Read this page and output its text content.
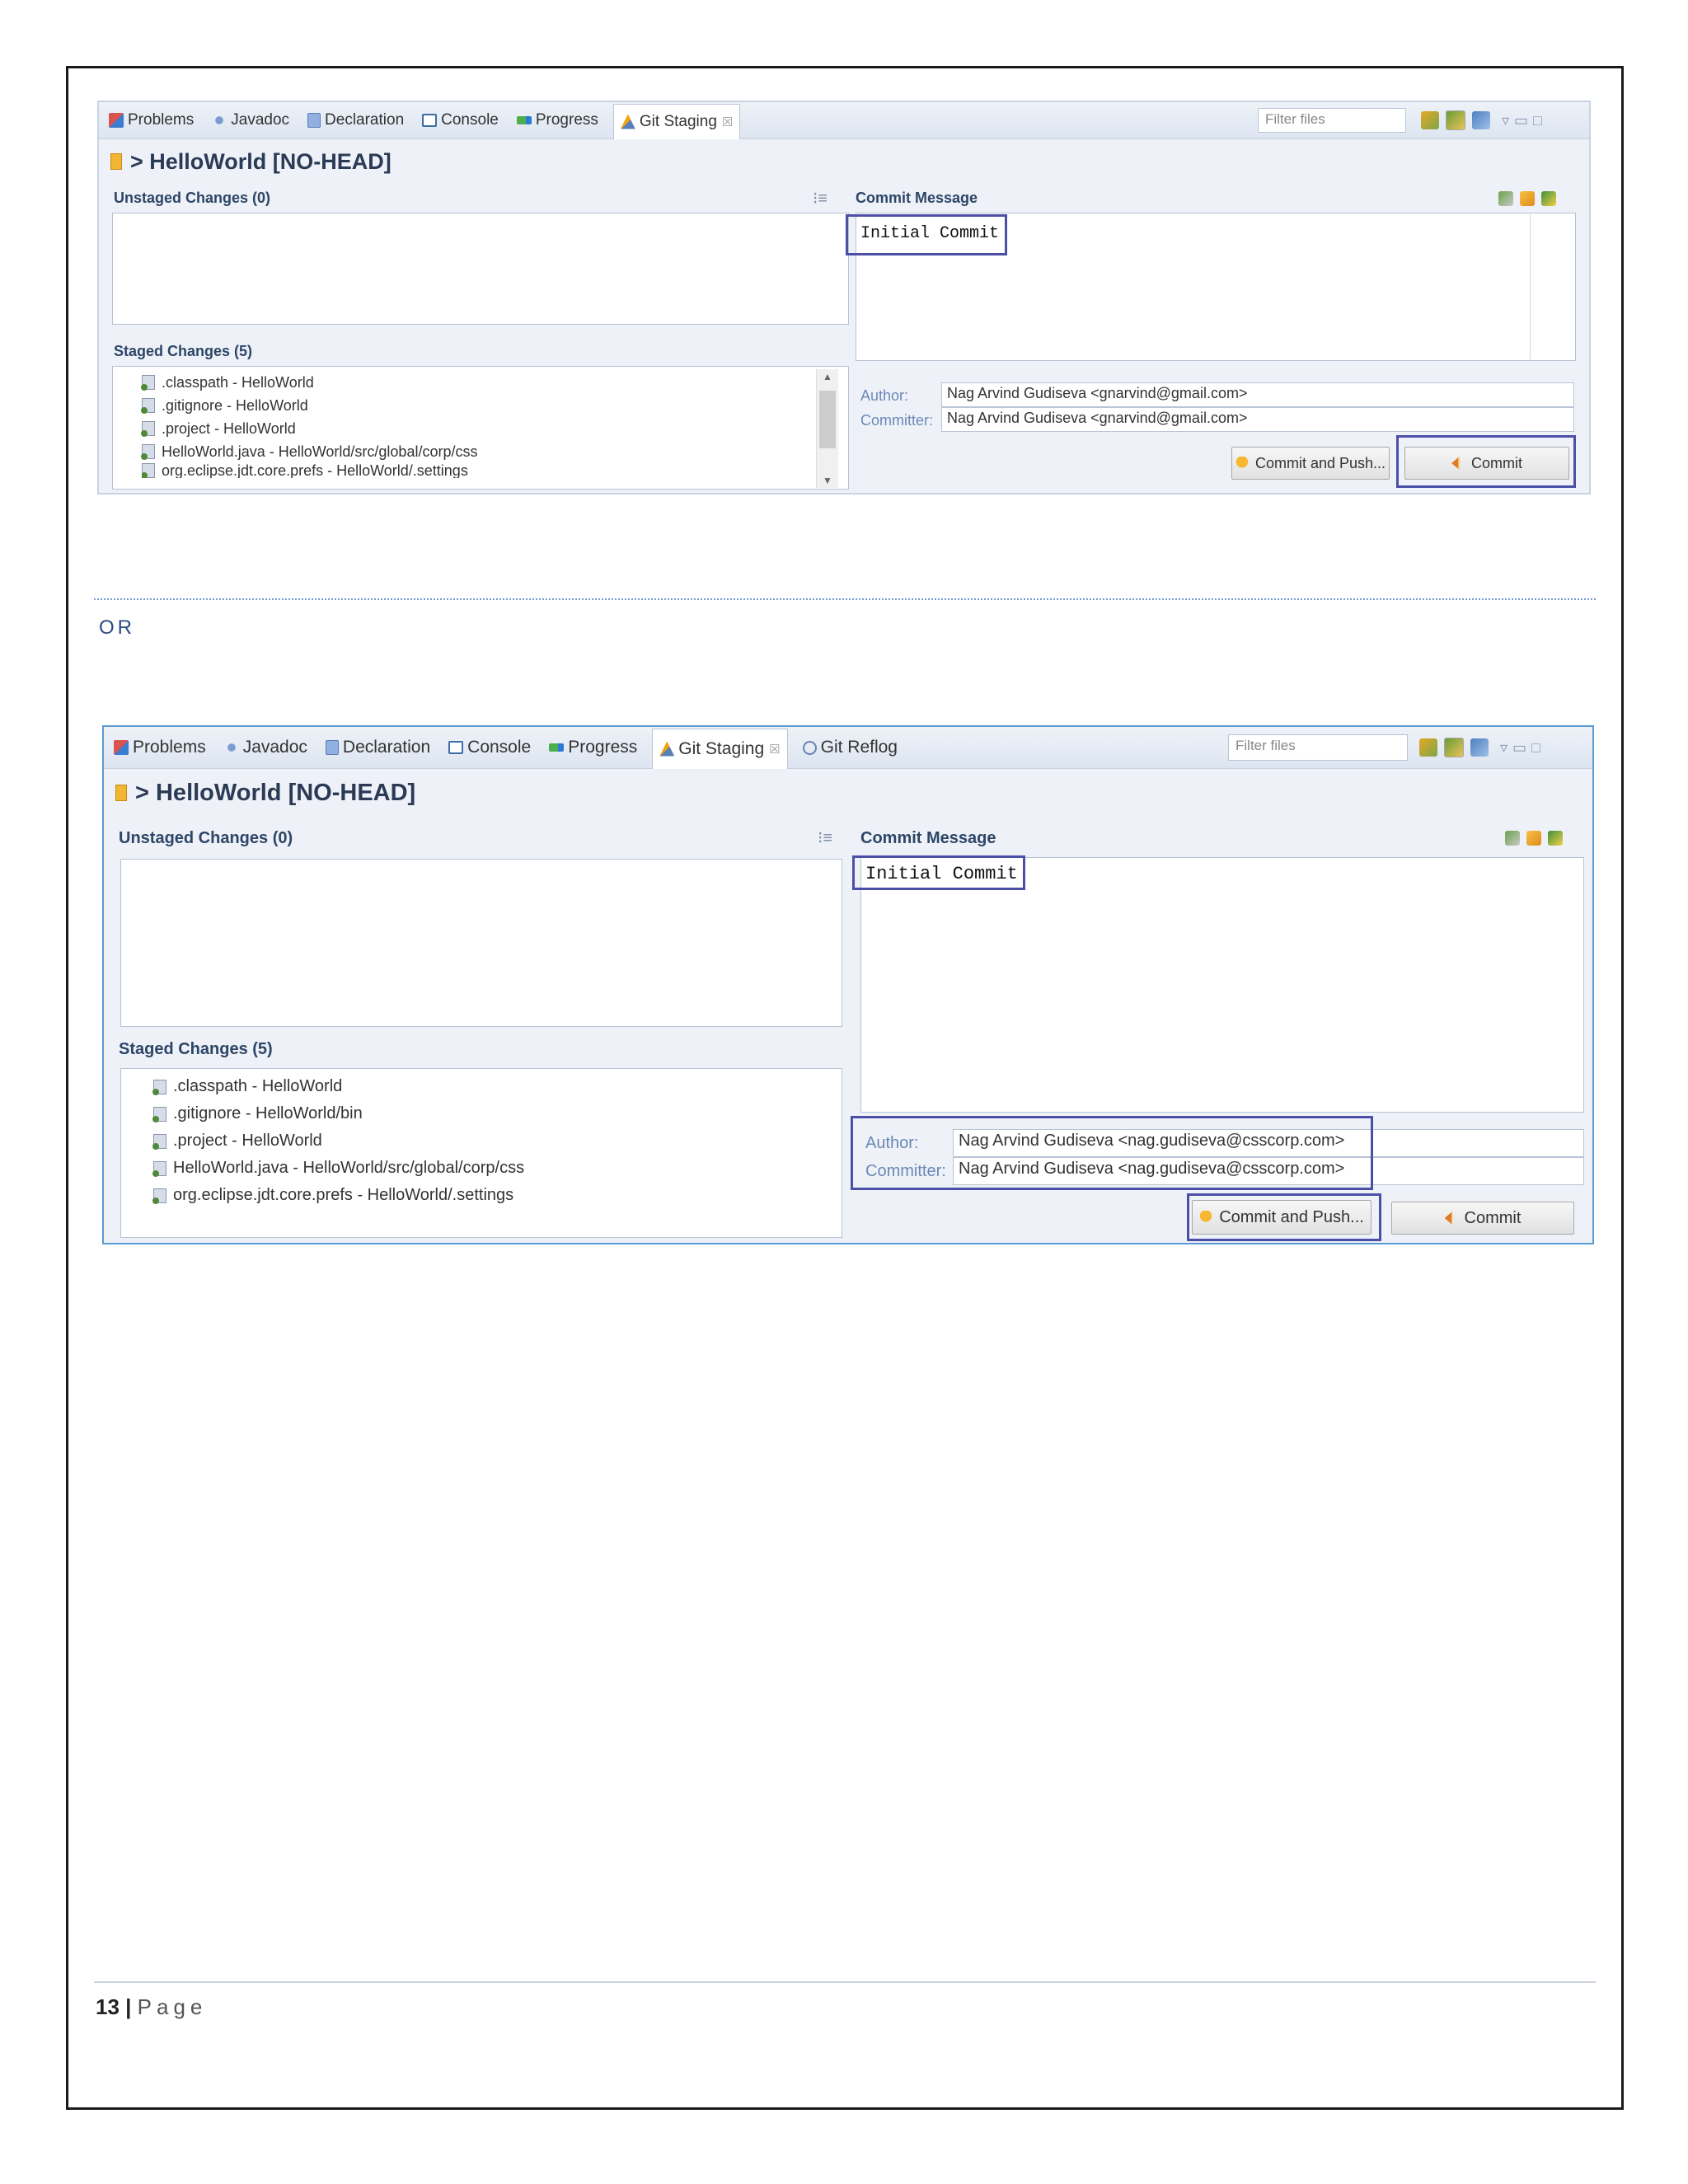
Problems Javadoc Declaration Console Progress	Git Staging ☒	Filter files	▿ ▭ □
> HelloWorld [NO-HEAD]
Unstaged Changes (0)	⁝≡
Staged Changes (5)
.classpath - HelloWorld
.gitignore - HelloWorld
.project - HelloWorld
HelloWorld.java - HelloWorld/src/global/corp/css
org.eclipse.jdt.core.prefs - HelloWorld/.settings
▲
▼
Commit Message
Initial Commit
Author:	Nag Arvind Gudiseva <gnarvind@gmail.com>
Committer: Nag Arvind Gudiseva <gnarvind@gmail.com>
Commit and Push...	Commit
OR
Problems Javadoc Declaration Console Progress Git Staging ☒ Git Reflog	Filter files	▿ ▭ □
> HelloWorld [NO-HEAD]
Unstaged Changes (0)	⁝≡
Staged Changes (5)
.classpath - HelloWorld
.gitignore - HelloWorld/bin
.project - HelloWorld
HelloWorld.java - HelloWorld/src/global/corp/css
org.eclipse.jdt.core.prefs - HelloWorld/.settings
Commit Message
Initial Commit
Author:	Nag Arvind Gudiseva <nag.gudiseva@csscorp.com>
Committer: Nag Arvind Gudiseva <nag.gudiseva@csscorp.com>
Commit and Push...	Commit
13 | Page
